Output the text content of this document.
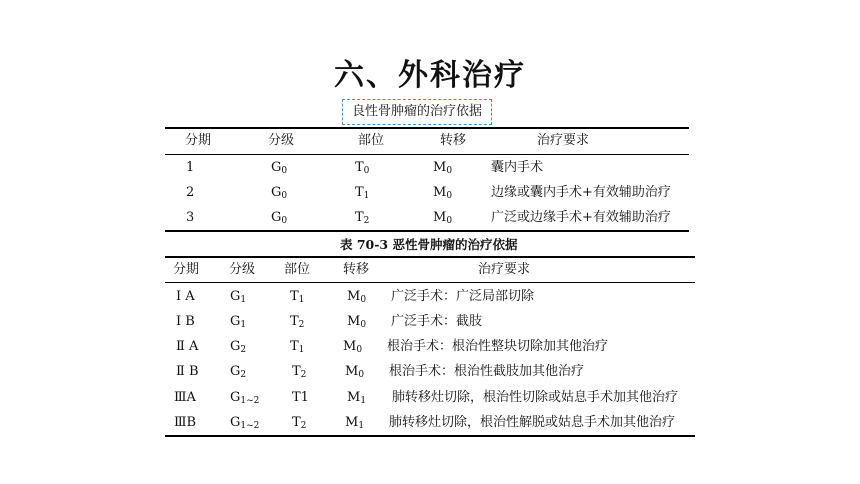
六、外科治疗
良性骨肿瘤的治疗依据
分期	分级	部位	转移	治疗要求
1	$G_0$	$T_0$	$M_0$	囊内手术
2	$G_0$	$T_1$	$M_0$	边缘或囊内手术+有效辅助治疗
3	$G_0$	$T_2$	$M_0$	广泛或边缘手术+有效辅助治疗
表 70-3 恶性骨肿瘤的治疗依据
分期 分级 部位	转移	治疗要求
Ⅰ A	$G_1$	$T_1$	$M_0$ 广泛手术：广泛局部切除
Ⅰ B	$G_1$	$T_2$	$M_0$ 广泛手术：截肢
Ⅱ A $G_2$	$T_1$	$M_0$ 根治手术：根治性整块切除加其他治疗
Ⅱ B $G_2$	$T_2$	$M_0$ 根治手术：根治性截肢加其他治疗
ⅢA	$G_{1\sim 2}$	T1	$M_1$ 肺转移灶切除，根治性切除或姑息手术加其他治疗
ⅢB	$G_{1\sim 2}$	$T_2$	$M_1$ 肺转移灶切除，根治性解脱或姑息手术加其他治疗
